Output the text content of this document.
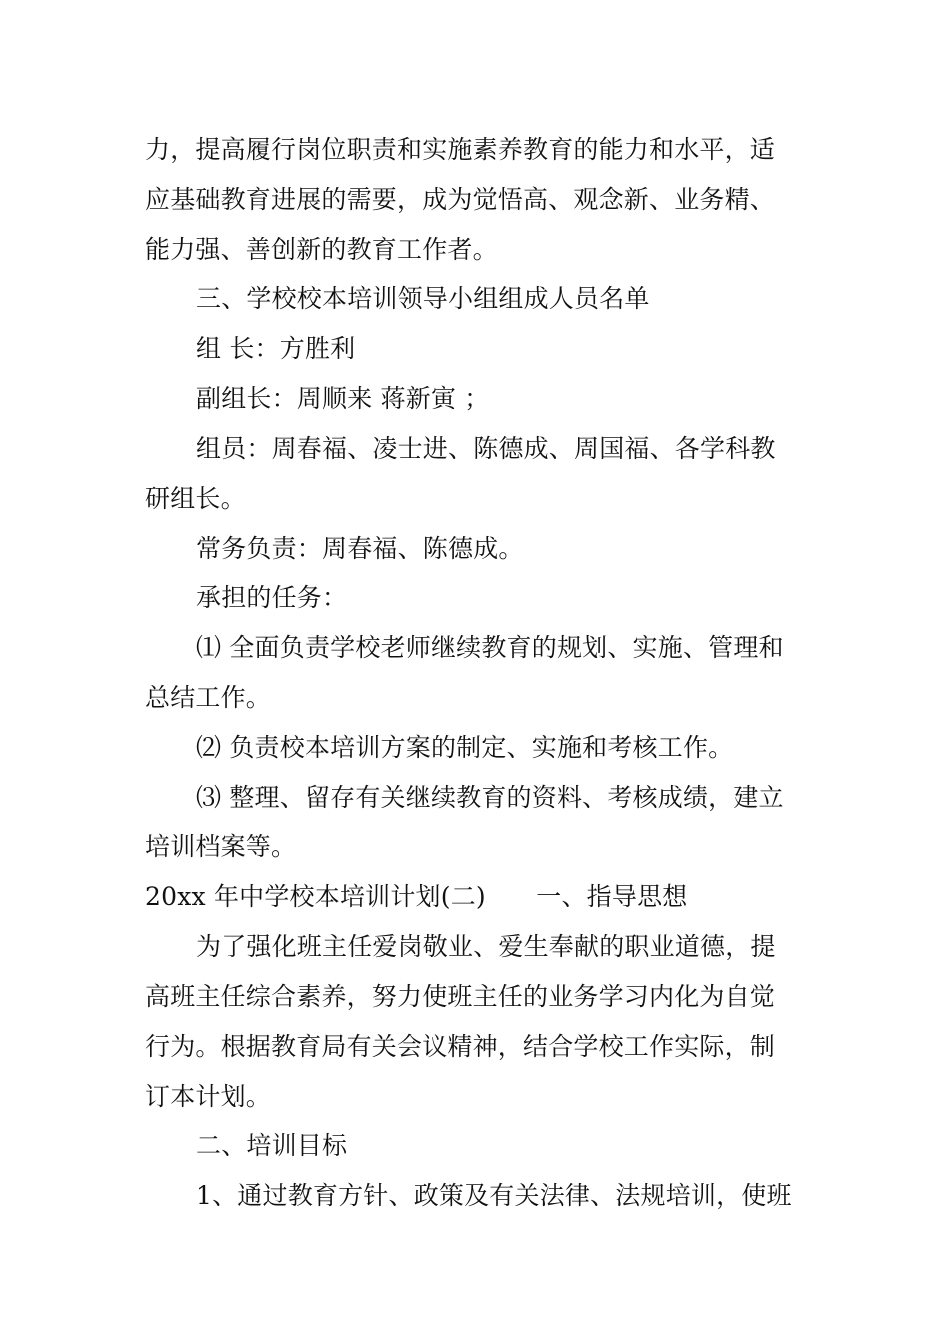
力，提高履行岗位职责和实施素养教育的能力和水平，适
应基础教育进展的需要，成为觉悟高、观念新、业务精、
能力强、善创新的教育工作者。
三、学校校本培训领导小组组成人员名单
组 长：方胜利
副组长：周顺来 蒋新寅 ；
组员：周春福、凌士进、陈德成、周国福、各学科教
研组长。
常务负责：周春福、陈德成。
承担的任务：
⑴ 全面负责学校老师继续教育的规划、实施、管理和
总结工作。
⑵ 负责校本培训方案的制定、实施和考核工作。
⑶ 整理、留存有关继续教育的资料、考核成绩，建立
培训档案等。
20xx 年中学校本培训计划(二)　　一、指导思想
为了强化班主任爱岗敬业、爱生奉献的职业道德，提
高班主任综合素养，努力使班主任的业务学习内化为自觉
行为。根据教育局有关会议精神，结合学校工作实际，制
订本计划。
二、培训目标
1、通过教育方针、政策及有关法律、法规培训，使班
